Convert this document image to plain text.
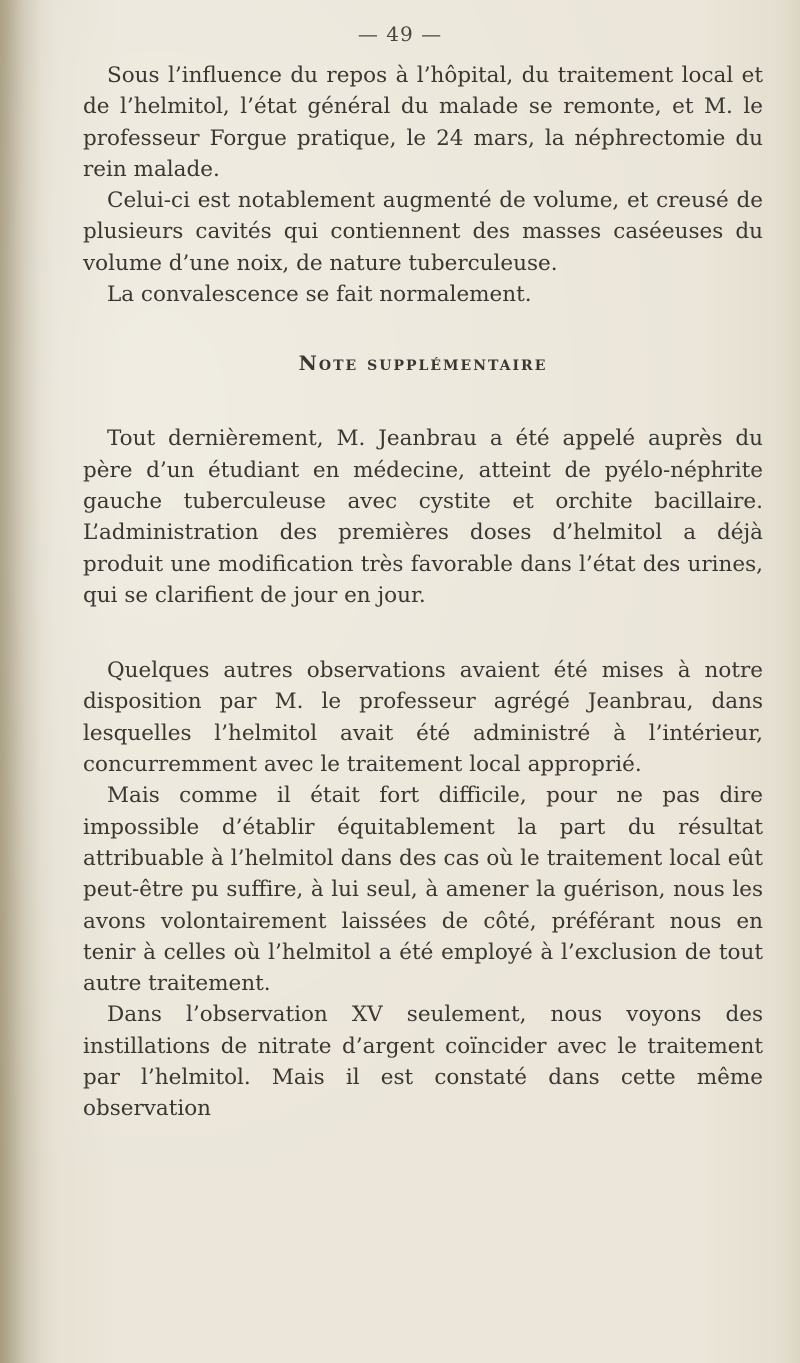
— 49 —

Sous l’influence du repos à l’hôpital, du traitement local et de l’helmitol, l’état général du malade se remonte, et M. le professeur Forgue pratique, le 24 mars, la néphrectomie du rein malade.

Celui-ci est notablement augmenté de volume, et creusé de plusieurs cavités qui contiennent des masses caséeuses du volume d’une noix, de nature tuberculeuse.

La convalescence se fait normalement.

Note supplémentaire

Tout dernièrement, M. Jeanbrau a été appelé auprès du père d’un étudiant en médecine, atteint de pyélo-néphrite gauche tuberculeuse avec cystite et orchite bacillaire. L’administration des premières doses d’helmitol a déjà produit une modification très favorable dans l’état des urines, qui se clarifient de jour en jour.

Quelques autres observations avaient été mises à notre disposition par M. le professeur agrégé Jeanbrau, dans lesquelles l’helmitol avait été administré à l’intérieur, concurremment avec le traitement local approprié.

Mais comme il était fort difficile, pour ne pas dire impossible d’établir équitablement la part du résultat attribuable à l’helmitol dans des cas où le traitement local eût peut-être pu suffire, à lui seul, à amener la guérison, nous les avons volontairement laissées de côté, préférant nous en tenir à celles où l’helmitol a été employé à l’exclusion de tout autre traitement.

Dans l’observation XV seulement, nous voyons des instillations de nitrate d’argent coïncider avec le traitement par l’helmitol. Mais il est constaté dans cette même observation
